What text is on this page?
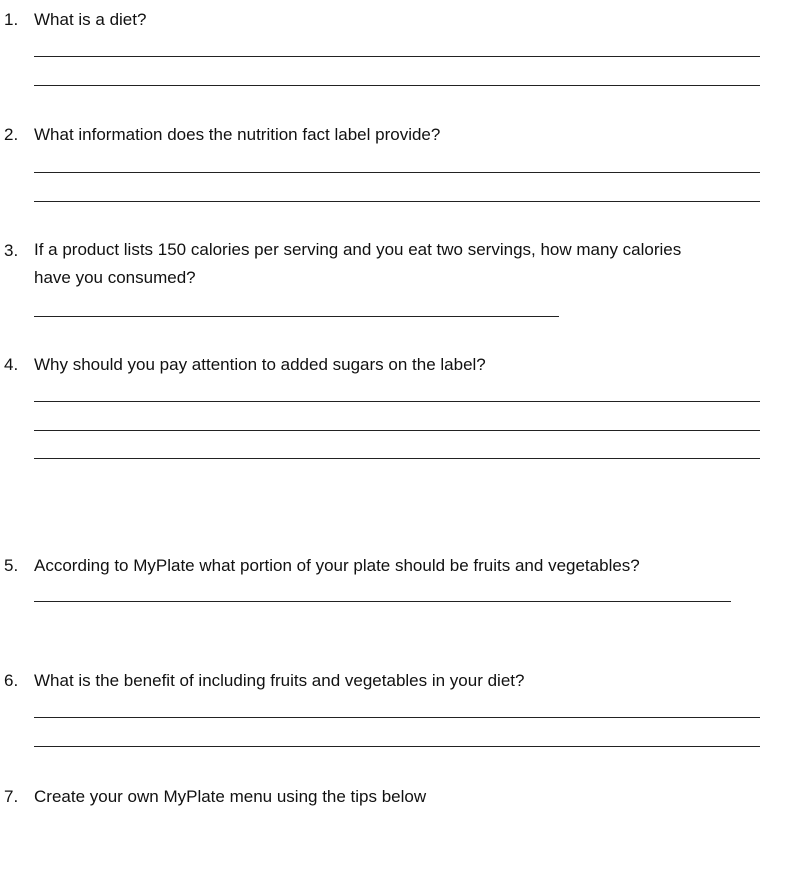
1. What is a diet?
2. What information does the nutrition fact label provide?
3. If a product lists 150 calories per serving and you eat two servings, how many calories
have you consumed?
4. Why should you pay attention to added sugars on the label?
5. According to MyPlate what portion of your plate should be fruits and vegetables?
6. What is the benefit of including fruits and vegetables in your diet?
7. Create your own MyPlate menu using the tips below
